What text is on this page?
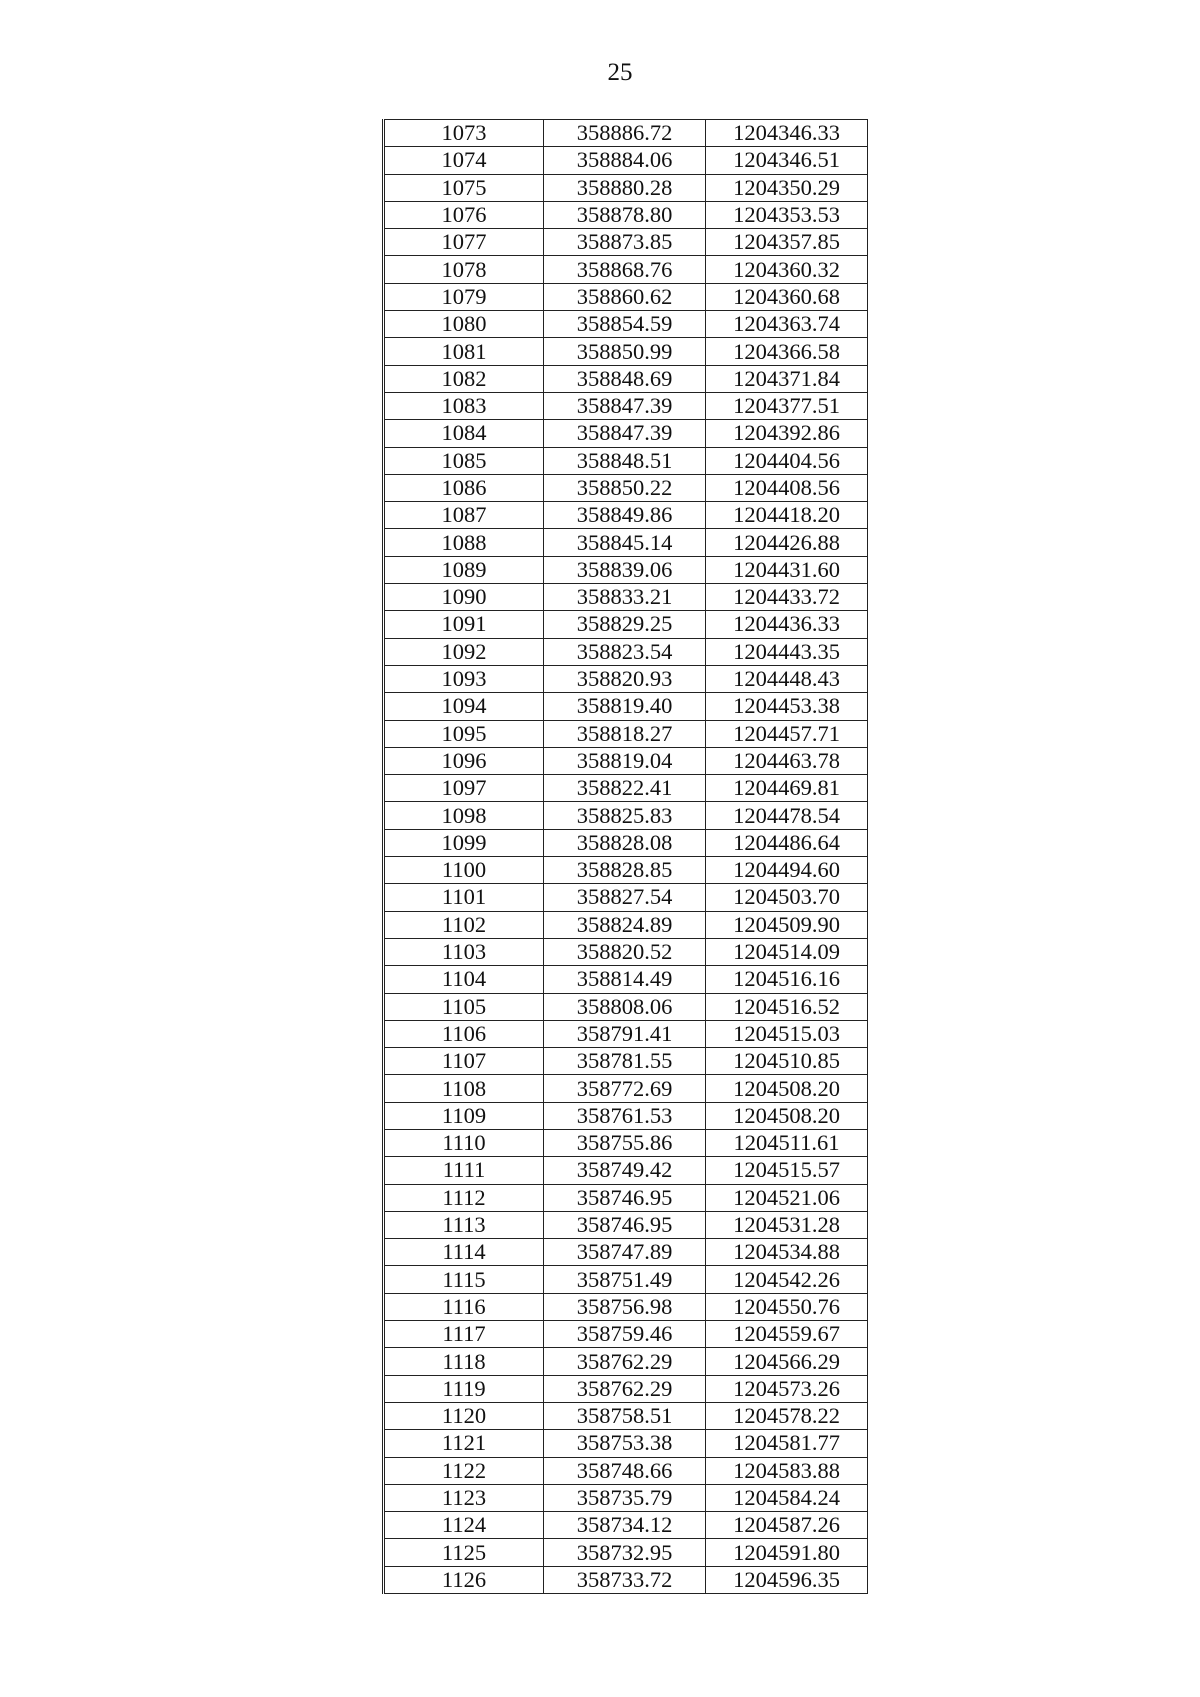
25
1073	358886.72	1204346.33
1074	358884.06	1204346.51
1075	358880.28	1204350.29
1076	358878.80	1204353.53
1077	358873.85	1204357.85
1078	358868.76	1204360.32
1079	358860.62	1204360.68
1080	358854.59	1204363.74
1081	358850.99	1204366.58
1082	358848.69	1204371.84
1083	358847.39	1204377.51
1084	358847.39	1204392.86
1085	358848.51	1204404.56
1086	358850.22	1204408.56
1087	358849.86	1204418.20
1088	358845.14	1204426.88
1089	358839.06	1204431.60
1090	358833.21	1204433.72
1091	358829.25	1204436.33
1092	358823.54	1204443.35
1093	358820.93	1204448.43
1094	358819.40	1204453.38
1095	358818.27	1204457.71
1096	358819.04	1204463.78
1097	358822.41	1204469.81
1098	358825.83	1204478.54
1099	358828.08	1204486.64
1100	358828.85	1204494.60
1101	358827.54	1204503.70
1102	358824.89	1204509.90
1103	358820.52	1204514.09
1104	358814.49	1204516.16
1105	358808.06	1204516.52
1106	358791.41	1204515.03
1107	358781.55	1204510.85
1108	358772.69	1204508.20
1109	358761.53	1204508.20
1110	358755.86	1204511.61
1111	358749.42	1204515.57
1112	358746.95	1204521.06
1113	358746.95	1204531.28
1114	358747.89	1204534.88
1115	358751.49	1204542.26
1116	358756.98	1204550.76
1117	358759.46	1204559.67
1118	358762.29	1204566.29
1119	358762.29	1204573.26
1120	358758.51	1204578.22
1121	358753.38	1204581.77
1122	358748.66	1204583.88
1123	358735.79	1204584.24
1124	358734.12	1204587.26
1125	358732.95	1204591.80
1126	358733.72	1204596.35
